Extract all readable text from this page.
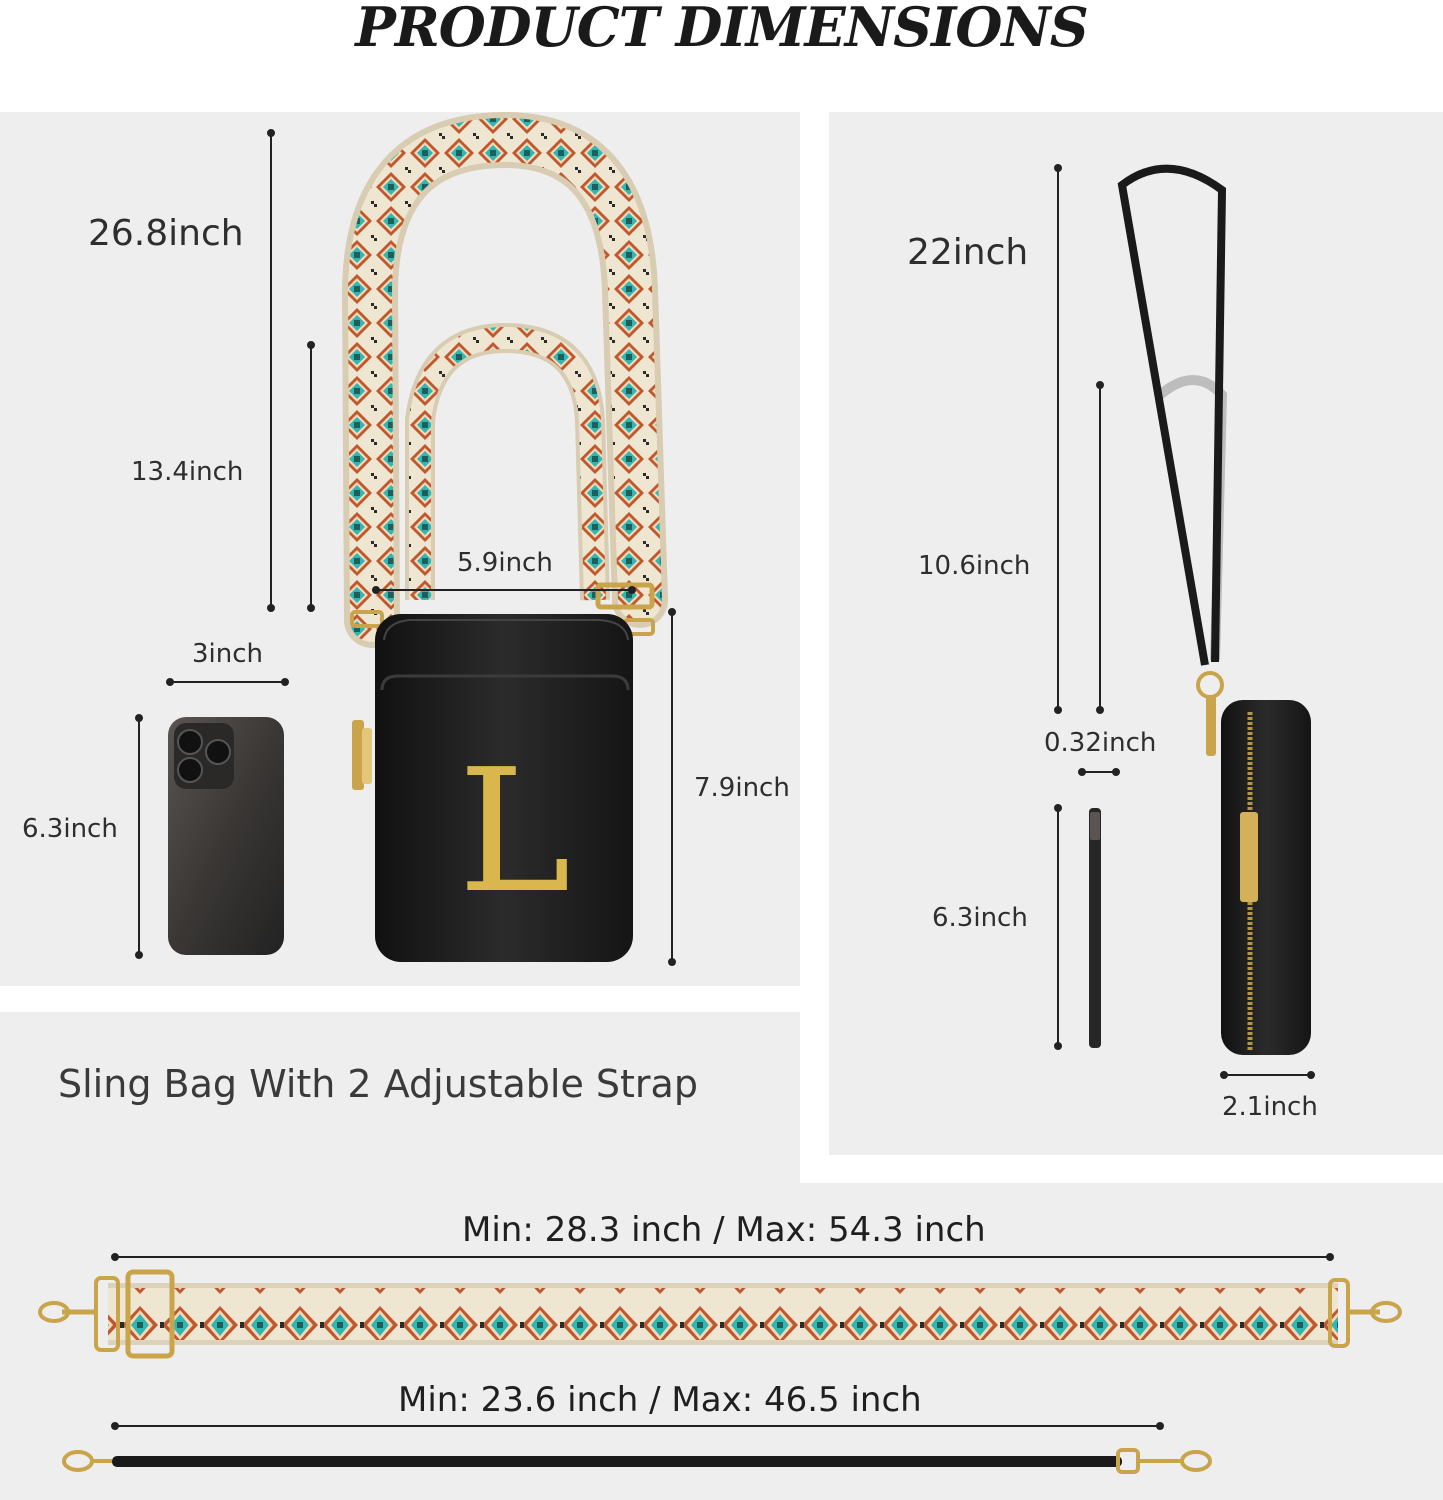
PRODUCT DIMENSIONS
L
26.8inch
13.4inch
5.9inch
3inch
7.9inch
6.3inch
22inch
10.6inch
0.32inch
6.3inch
2.1inch
Sling Bag With 2 Adjustable Strap
Min: 28.3 inch / Max: 54.3 inch
Min: 23.6 inch / Max: 46.5 inch
